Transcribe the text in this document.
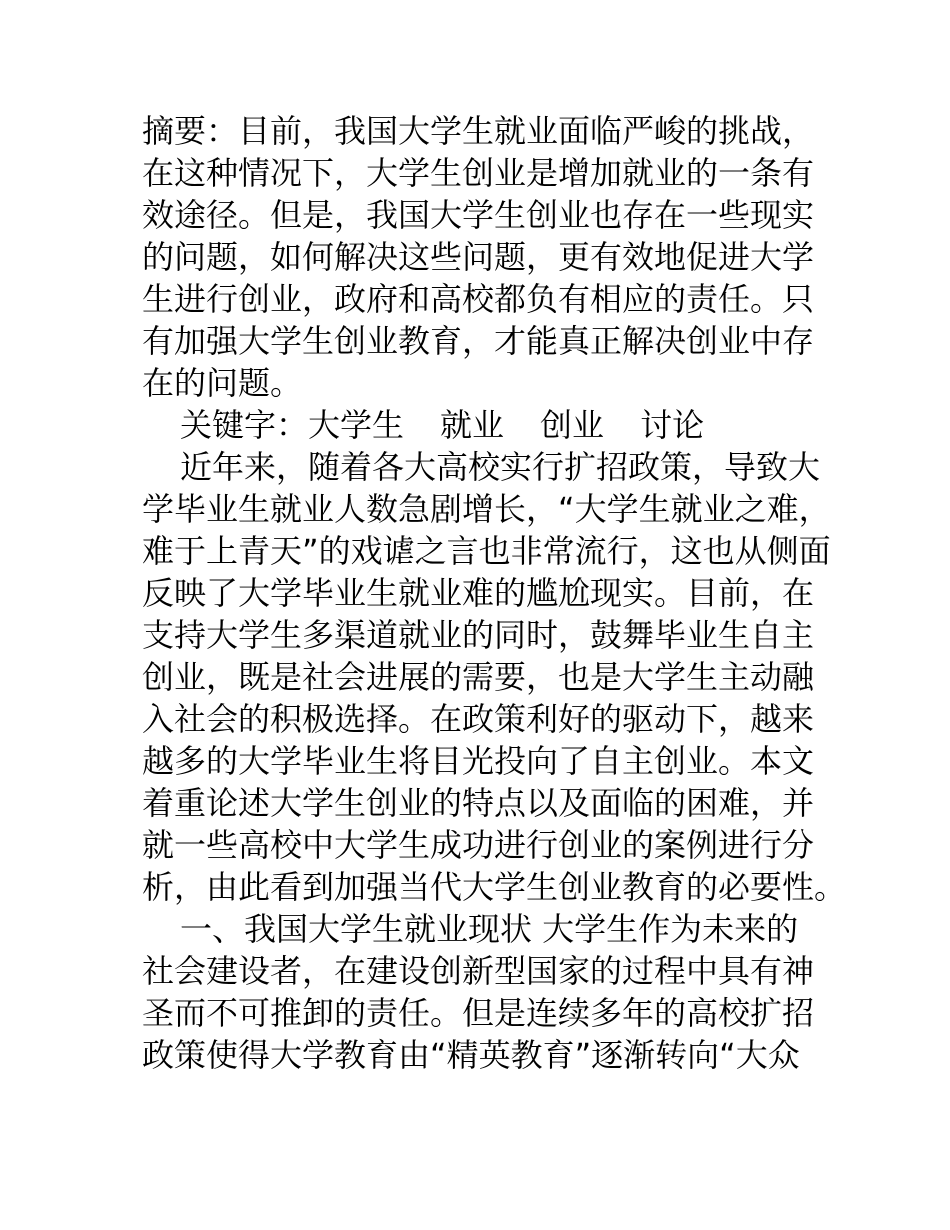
摘要：目前，我国大学生就业面临严峻的挑战，
在这种情况下，大学生创业是增加就业的一条有
效途径。但是，我国大学生创业也存在一些现实
的问题，如何解决这些问题，更有效地促进大学
生进行创业，政府和高校都负有相应的责任。只
有加强大学生创业教育，才能真正解决创业中存
在的问题。
关键字：大学生 就业 创业 讨论
近年来，随着各大高校实行扩招政策，导致大
学毕业生就业人数急剧增长，“大学生就业之难，
难于上青天”的戏谑之言也非常流行，这也从侧面
反映了大学毕业生就业难的尴尬现实。目前，在
支持大学生多渠道就业的同时，鼓舞毕业生自主
创业，既是社会进展的需要，也是大学生主动融
入社会的积极选择。在政策利好的驱动下，越来
越多的大学毕业生将目光投向了自主创业。本文
着重论述大学生创业的特点以及面临的困难，并
就一些高校中大学生成功进行创业的案例进行分
析，由此看到加强当代大学生创业教育的必要性。
一、我国大学生就业现状 大学生作为未来的
社会建设者，在建设创新型国家的过程中具有神
圣而不可推卸的责任。但是连续多年的高校扩招
政策使得大学教育由“精英教育”逐渐转向“大众
